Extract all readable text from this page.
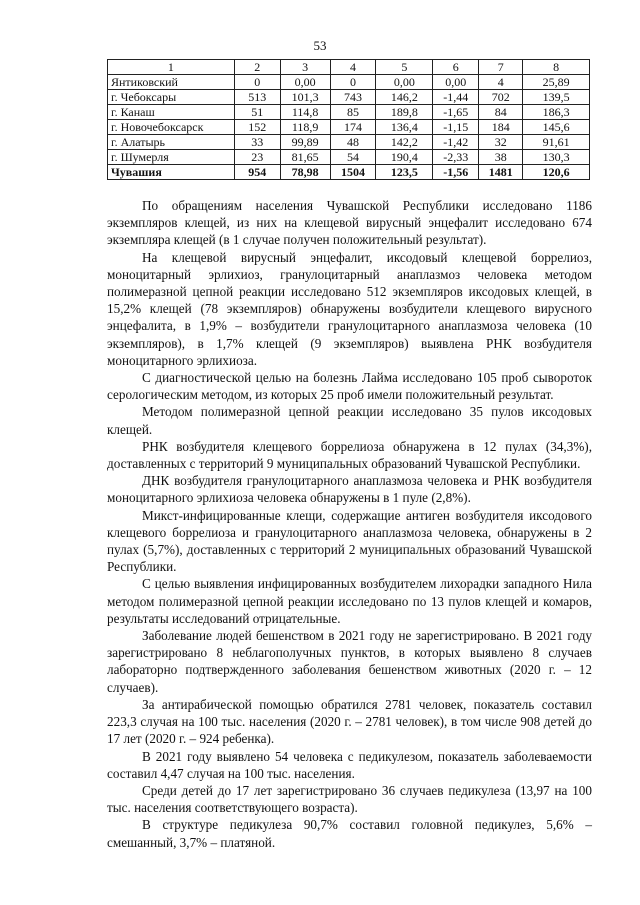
53
1	2	3	4	5	6	7	8
Янтиковский	0	0,00	0	0,00	0,00	4	25,89
г. Чебоксары	513	101,3	743	146,2	-1,44	702	139,5
г. Канаш	51	114,8	85	189,8	-1,65	84	186,3
г. Новочебоксарск	152	118,9	174	136,4	-1,15	184	145,6
г. Алатырь	33	99,89	48	142,2	-1,42	32	91,61
г. Шумерля	23	81,65	54	190,4	-2,33	38	130,3
Чувашия	954	78,98	1504	123,5	-1,56	1481	120,6

По обращениям населения Чувашской Республики исследовано 1186 экземпляров клещей, из них на клещевой вирусный энцефалит исследовано 674 экземпляра клещей (в 1 случае получен положительный результат).

На клещевой вирусный энцефалит, иксодовый клещевой боррелиоз, моноцитарный эрлихиоз, гранулоцитарный анаплазмоз человека методом полимеразной цепной реакции исследовано 512 экземпляров иксодовых клещей, в 15,2% клещей (78 экземпляров) обнаружены возбудители клещевого вирусного энцефалита, в 1,9% – возбудители гранулоцитарного анаплазмоза человека (10 экземпляров), в 1,7% клещей (9 экземпляров) выявлена РНК возбудителя моноцитарного эрлихиоза.

С диагностической целью на болезнь Лайма исследовано 105 проб сывороток серологическим методом, из которых 25 проб имели положительный результат.

Методом полимеразной цепной реакции исследовано 35 пулов иксодовых клещей.

РНК возбудителя клещевого боррелиоза обнаружена в 12 пулах (34,3%), доставленных с территорий 9 муниципальных образований Чувашской Республики.

ДНК возбудителя гранулоцитарного анаплазмоза человека и РНК возбудителя моноцитарного эрлихиоза человека обнаружены в 1 пуле (2,8%).

Микст-инфицированные клещи, содержащие антиген возбудителя иксодового клещевого боррелиоза и гранулоцитарного анаплазмоза человека, обнаружены в 2 пулах (5,7%), доставленных с территорий 2 муниципальных образований Чувашской Республики.

С целью выявления инфицированных возбудителем лихорадки западного Нила методом полимеразной цепной реакции исследовано по 13 пулов клещей и комаров, результаты исследований отрицательные.

Заболевание людей бешенством в 2021 году не зарегистрировано. В 2021 году зарегистрировано 8 неблагополучных пунктов, в которых выявлено 8 случаев лабораторно подтвержденного заболевания бешенством животных (2020 г. – 12 случаев).

За антирабической помощью обратился 2781 человек, показатель составил 223,3 случая на 100 тыс. населения (2020 г. – 2781 человек), в том числе 908 детей до 17 лет (2020 г. – 924 ребенка).

В 2021 году выявлено 54 человека с педикулезом, показатель заболеваемости составил 4,47 случая на 100 тыс. населения.

Среди детей до 17 лет зарегистрировано 36 случаев педикулеза (13,97 на 100 тыс. населения соответствующего возраста).

В структуре педикулеза 90,7% составил головной педикулез, 5,6% – смешанный, 3,7% – платяной.
